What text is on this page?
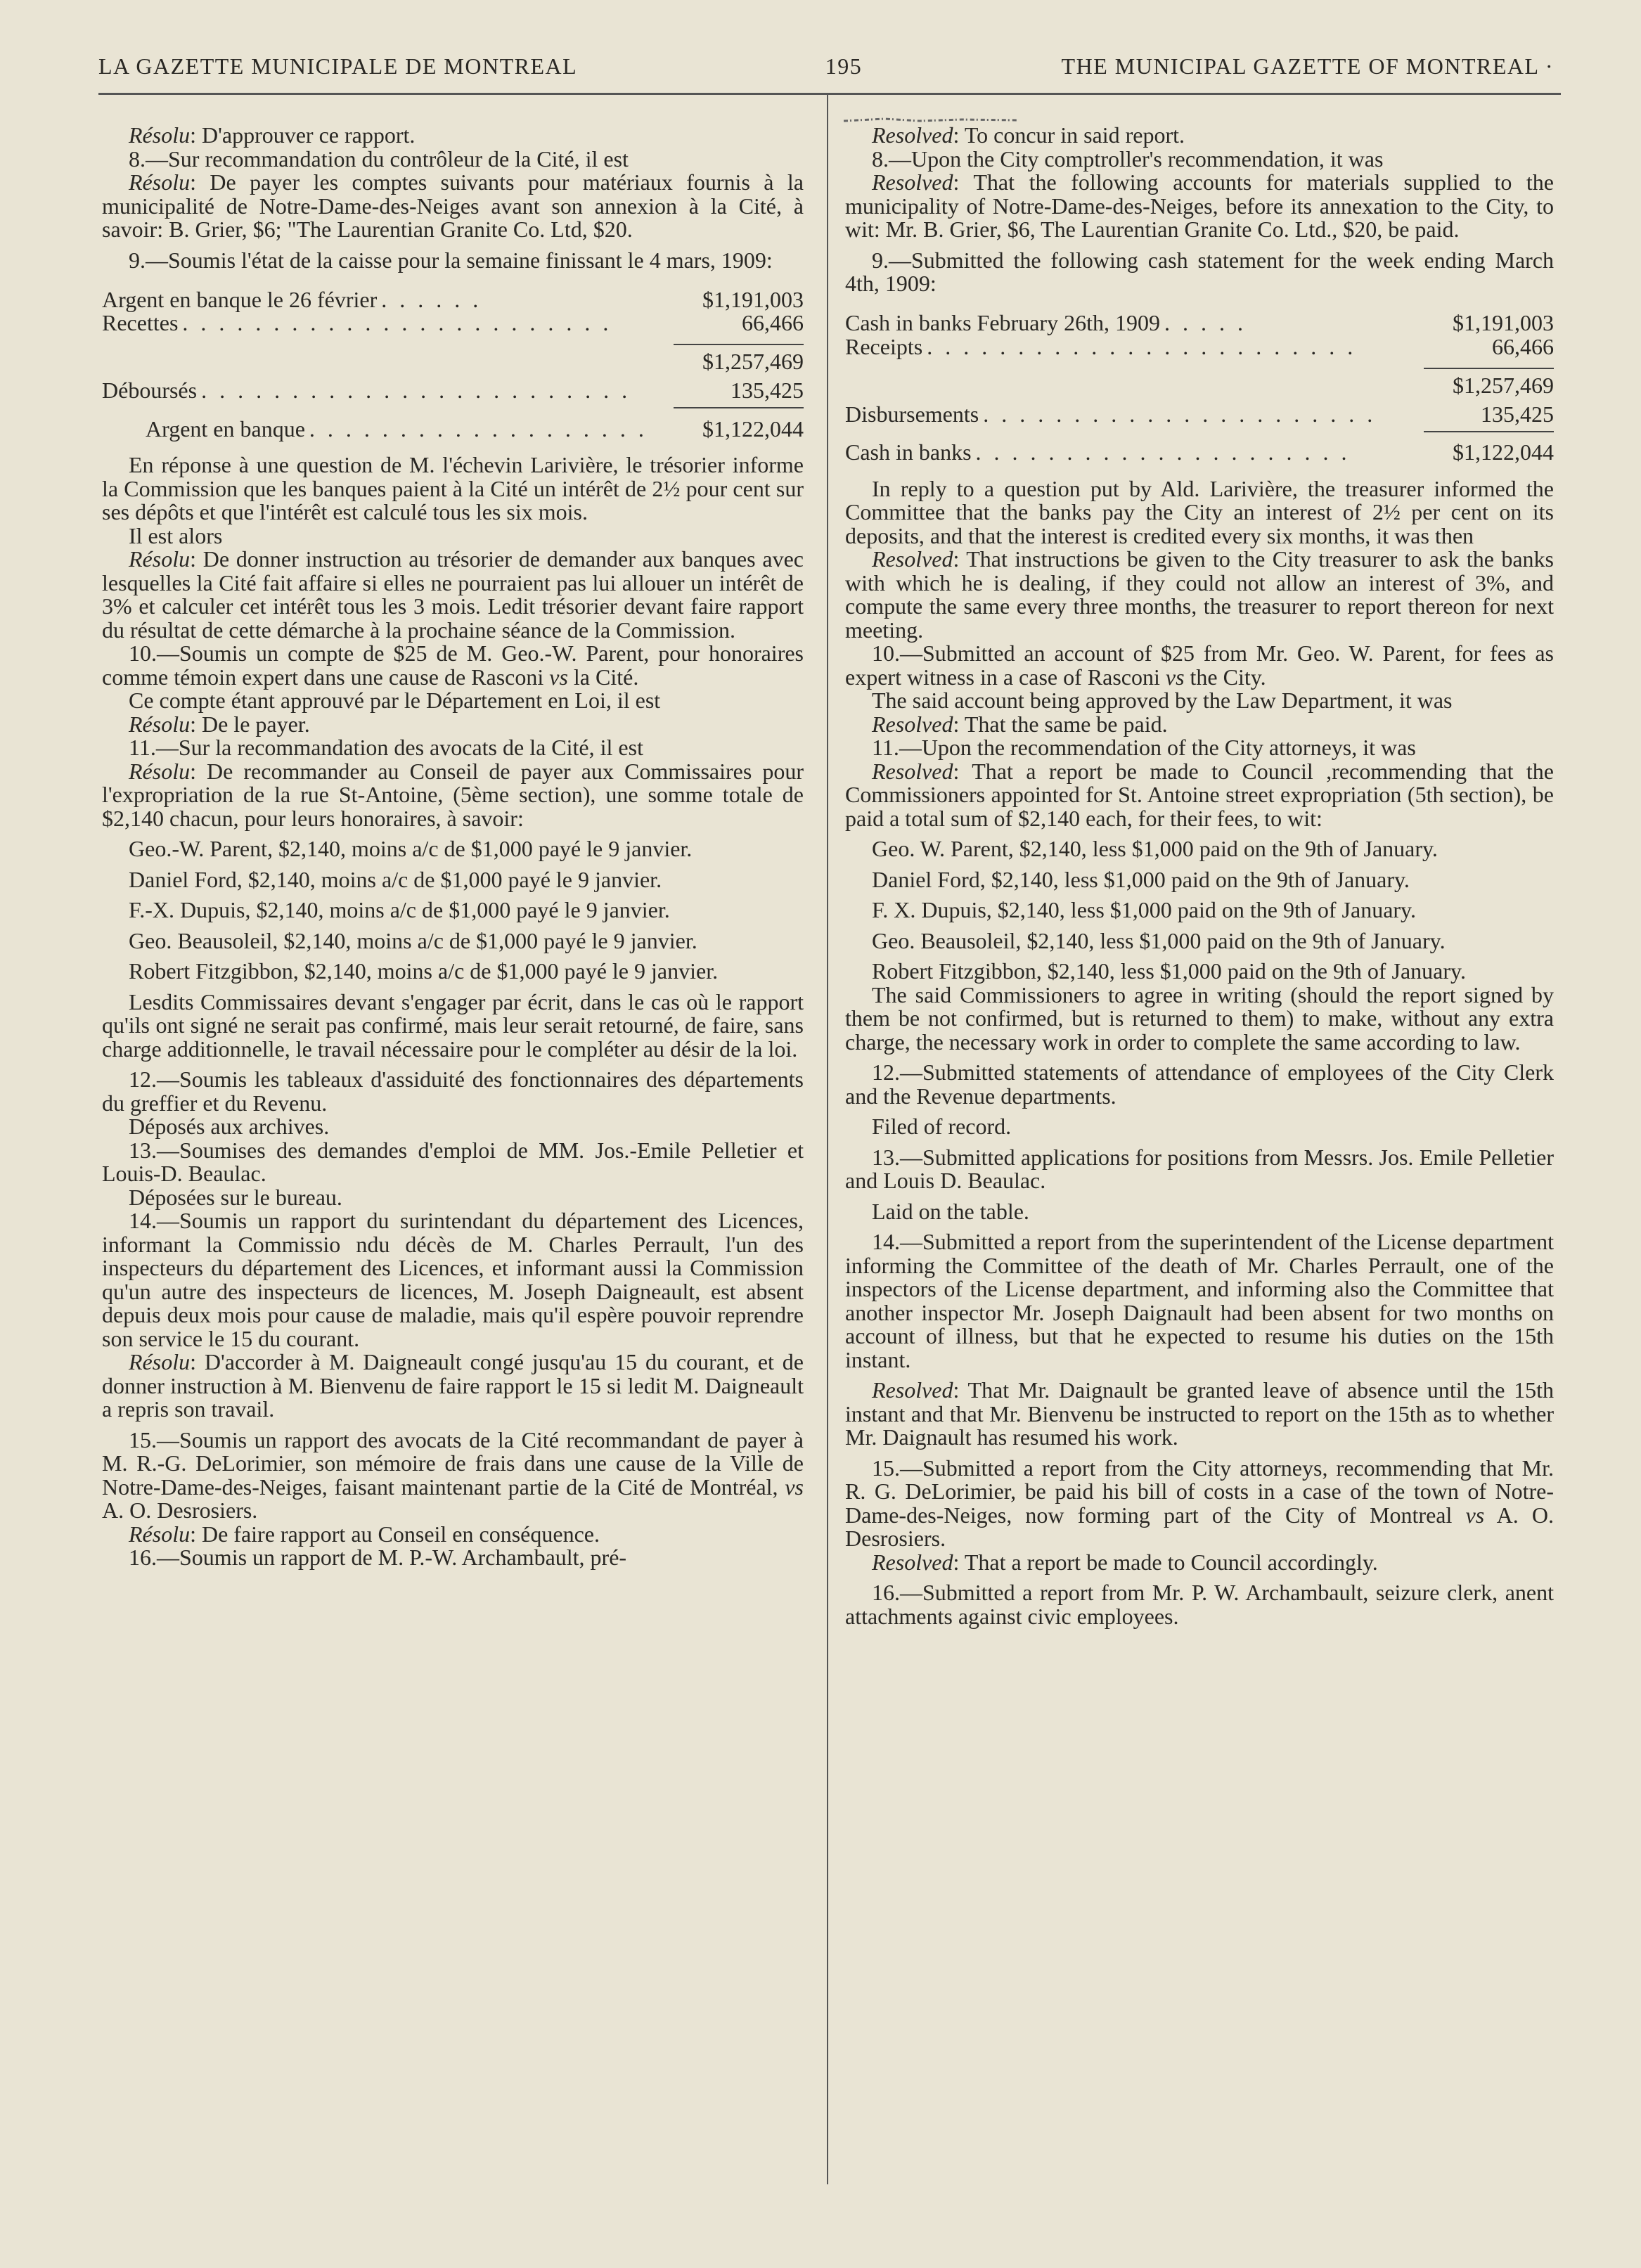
LA GAZETTE MUNICIPALE DE MONTREAL	195	THE MUNICIPAL GAZETTE OF MONTREAL ·

Résolu: D'approuver ce rapport.

8.—Sur recommandation du contrôleur de la Cité, il est

Résolu: De payer les comptes suivants pour matériaux fournis à la municipalité de Notre-Dame-des-Neiges avant son annexion à la Cité, à savoir: B. Grier, $6; "The Laurentian Granite Co. Ltd, $20.

9.—Soumis l'état de la caisse pour la semaine finissant le 4 mars, 1909:

Argent en banque le 26 février . . . . . .	$1,191,003
Recettes . . . . . . . . . . . . . . . . . . . . . . . .	66,466
$1,257,469
Déboursés . . . . . . . . . . . . . . . . . . . . . . . .	135,425
Argent en banque . . . . . . . . . . . . . . . . . . .	$1,122,044

En réponse à une question de M. l'échevin Larivière, le trésorier informe la Commission que les banques paient à la Cité un intérêt de 2½ pour cent sur ses dépôts et que l'intérêt est calculé tous les six mois.

Il est alors

Résolu: De donner instruction au trésorier de demander aux banques avec lesquelles la Cité fait affaire si elles ne pourraient pas lui allouer un intérêt de 3% et calculer cet intérêt tous les 3 mois. Ledit trésorier devant faire rapport du résultat de cette démarche à la prochaine séance de la Commission.

10.—Soumis un compte de $25 de M. Geo.-W. Parent, pour honoraires comme témoin expert dans une cause de Rasconi vs la Cité.

Ce compte étant approuvé par le Département en Loi, il est

Résolu: De le payer.

11.—Sur la recommandation des avocats de la Cité, il est

Résolu: De recommander au Conseil de payer aux Commissaires pour l'expropriation de la rue St-Antoine, (5ème section), une somme totale de $2,140 chacun, pour leurs honoraires, à savoir:

Geo.-W. Parent, $2,140, moins a/c de $1,000 payé le 9 janvier.

Daniel Ford, $2,140, moins a/c de $1,000 payé le 9 janvier.

F.-X. Dupuis, $2,140, moins a/c de $1,000 payé le 9 janvier.

Geo. Beausoleil, $2,140, moins a/c de $1,000 payé le 9 janvier.

Robert Fitzgibbon, $2,140, moins a/c de $1,000 payé le 9 janvier.

Lesdits Commissaires devant s'engager par écrit, dans le cas où le rapport qu'ils ont signé ne serait pas confirmé, mais leur serait retourné, de faire, sans charge additionnelle, le travail nécessaire pour le compléter au désir de la loi.

12.—Soumis les tableaux d'assiduité des fonctionnaires des départements du greffier et du Revenu.

Déposés aux archives.

13.—Soumises des demandes d'emploi de MM. Jos.-Emile Pelletier et Louis-D. Beaulac.

Déposées sur le bureau.

14.—Soumis un rapport du surintendant du département des Licences, informant la Commissio ndu décès de M. Charles Perrault, l'un des inspecteurs du département des Licences, et informant aussi la Commission qu'un autre des inspecteurs de licences, M. Joseph Daigneault, est absent depuis deux mois pour cause de maladie, mais qu'il espère pouvoir reprendre son service le 15 du courant.

Résolu: D'accorder à M. Daigneault congé jusqu'au 15 du courant, et de donner instruction à M. Bienvenu de faire rapport le 15 si ledit M. Daigneault a repris son travail.

15.—Soumis un rapport des avocats de la Cité recommandant de payer à M. R.-G. DeLorimier, son mémoire de frais dans une cause de la Ville de Notre-Dame-des-Neiges, faisant maintenant partie de la Cité de Montréal, vs A. O. Desrosiers.

Résolu: De faire rapport au Conseil en conséquence.

16.—Soumis un rapport de M. P.-W. Archambault, pré-

Resolved: To concur in said report.

8.—Upon the City comptroller's recommendation, it was

Resolved: That the following accounts for materials supplied to the municipality of Notre-Dame-des-Neiges, before its annexation to the City, to wit: Mr. B. Grier, $6, The Laurentian Granite Co. Ltd., $20, be paid.

9.—Submitted the following cash statement for the week ending March 4th, 1909:

Cash in banks February 26th, 1909 . . . . .	$1,191,003
Receipts . . . . . . . . . . . . . . . . . . . . . . . .	66,466
$1,257,469
Disbursements . . . . . . . . . . . . . . . . . . . . . .	135,425
Cash in banks . . . . . . . . . . . . . . . . . . . . .	$1,122,044

In reply to a question put by Ald. Larivière, the treasurer informed the Committee that the banks pay the City an interest of 2½ per cent on its deposits, and that the interest is credited every six months, it was then

Resolved: That instructions be given to the City treasurer to ask the banks with which he is dealing, if they could not allow an interest of 3%, and compute the same every three months, the treasurer to report thereon for next meeting.

10.—Submitted an account of $25 from Mr. Geo. W. Parent, for fees as expert witness in a case of Rasconi vs the City.

The said account being approved by the Law Department, it was

Resolved: That the same be paid.

11.—Upon the recommendation of the City attorneys, it was

Resolved: That a report be made to Council ,recommending that the Commissioners appointed for St. Antoine street expropriation (5th section), be paid a total sum of $2,140 each, for their fees, to wit:

Geo. W. Parent, $2,140, less $1,000 paid on the 9th of January.

Daniel Ford, $2,140, less $1,000 paid on the 9th of January.

F. X. Dupuis, $2,140, less $1,000 paid on the 9th of January.

Geo. Beausoleil, $2,140, less $1,000 paid on the 9th of January.

Robert Fitzgibbon, $2,140, less $1,000 paid on the 9th of January.

The said Commissioners to agree in writing (should the report signed by them be not confirmed, but is returned to them) to make, without any extra charge, the necessary work in order to complete the same according to law.

12.—Submitted statements of attendance of employees of the City Clerk and the Revenue departments.

Filed of record.

13.—Submitted applications for positions from Messrs. Jos. Emile Pelletier and Louis D. Beaulac.

Laid on the table.

14.—Submitted a report from the superintendent of the License department informing the Committee of the death of Mr. Charles Perrault, one of the inspectors of the License department, and informing also the Committee that another inspector Mr. Joseph Daignault had been absent for two months on account of illness, but that he expected to resume his duties on the 15th instant.

Resolved: That Mr. Daignault be granted leave of absence until the 15th instant and that Mr. Bienvenu be instructed to report on the 15th as to whether Mr. Daignault has resumed his work.

15.—Submitted a report from the City attorneys, recommending that Mr. R. G. DeLorimier, be paid his bill of costs in a case of the town of Notre-Dame-des-Neiges, now forming part of the City of Montreal vs A. O. Desrosiers.

Resolved: That a report be made to Council accordingly.

16.—Submitted a report from Mr. P. W. Archambault, seizure clerk, anent attachments against civic employees.
